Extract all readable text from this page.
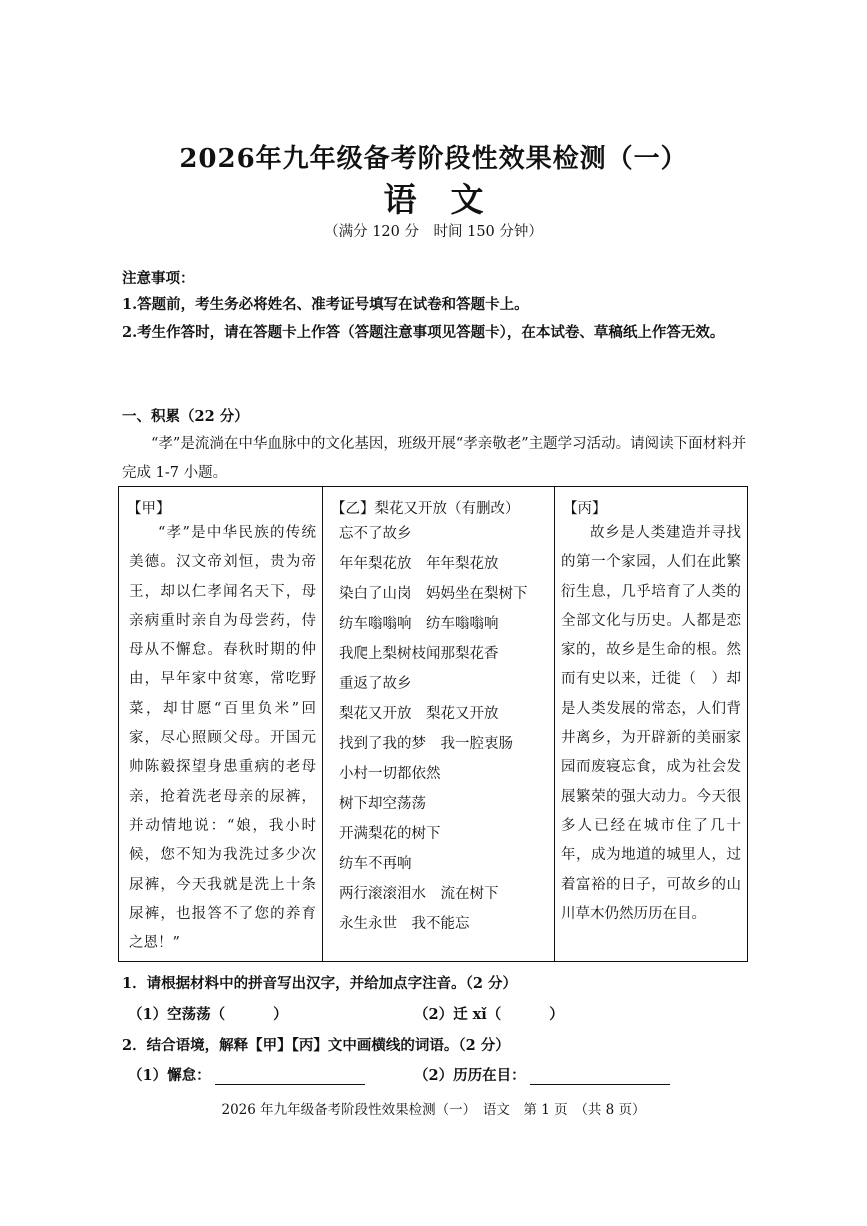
2026年九年级备考阶段性效果检测（一）
语文
（满分 120 分　时间 150 分钟）
注意事项：
1.答题前，考生务必将姓名、准考证号填写在试卷和答题卡上。
2.考生作答时，请在答题卡上作答（答题注意事项见答题卡），在本试卷、草稿纸上作答无效。
一、积累（22 分）
“孝”是流淌在中华血脉中的文化基因，班级开展“孝亲敬老”主题学习活动。请阅读下面材料并完成 1-7 小题。
【甲】
“孝”是中华民族的传统美德。汉文帝刘恒，贵为帝王，却以仁孝闻名天下，母亲病重时亲自为母尝药，侍母从不懈怠。春秋时期的仲由，早年家中贫寒，常吃野菜，却甘愿“百里负米”回家，尽心照顾父母。开国元帅陈毅探望身患重病的老母亲，抢着洗老母亲的尿裤，并动情地说：“娘，我小时候，您不知为我洗过多少次尿裤，今天我就是洗上十条尿裤，也报答不了您的养育之恩！”
【乙】梨花又开放（有删改）
忘不了故乡
年年梨花放　年年梨花放
染白了山岗　妈妈坐在梨树下
纺车嗡嗡响　纺车嗡嗡响
我爬上梨树枝闻那梨花香
重返了故乡
梨花又开放　梨花又开放
找到了我的梦　我一腔衷肠
小村一切都依然
树下却空荡荡
开满梨花的树下
纺车不再响
两行滚滚泪水　流在树下
永生永世　我不能忘
【丙】
故乡是人类建造并寻找的第一个家园，人们在此繁衍生息，几乎培育了人类的全部文化与历史。人都是恋家的，故乡是生命的根。然而有史以来，迁徙（　）却是人类发展的常态，人们背井离乡，为开辟新的美丽家园而废寝忘食，成为社会发展繁荣的强大动力。今天很多人已经在城市住了几十年，成为地道的城里人，过着富裕的日子，可故乡的山川草木仍然历历在目。
1．请根据材料中的拼音写出汉字，并给加点字注音。（2 分）
（1）空荡荡（	）	（2）迁 xǐ（	）
2．结合语境，解释【甲】【丙】文中画横线的词语。（2 分）
（1）懈怠：	（2）历历在目：
2026 年九年级备考阶段性效果检测（一）　语文　第 1 页　（共 8 页）
